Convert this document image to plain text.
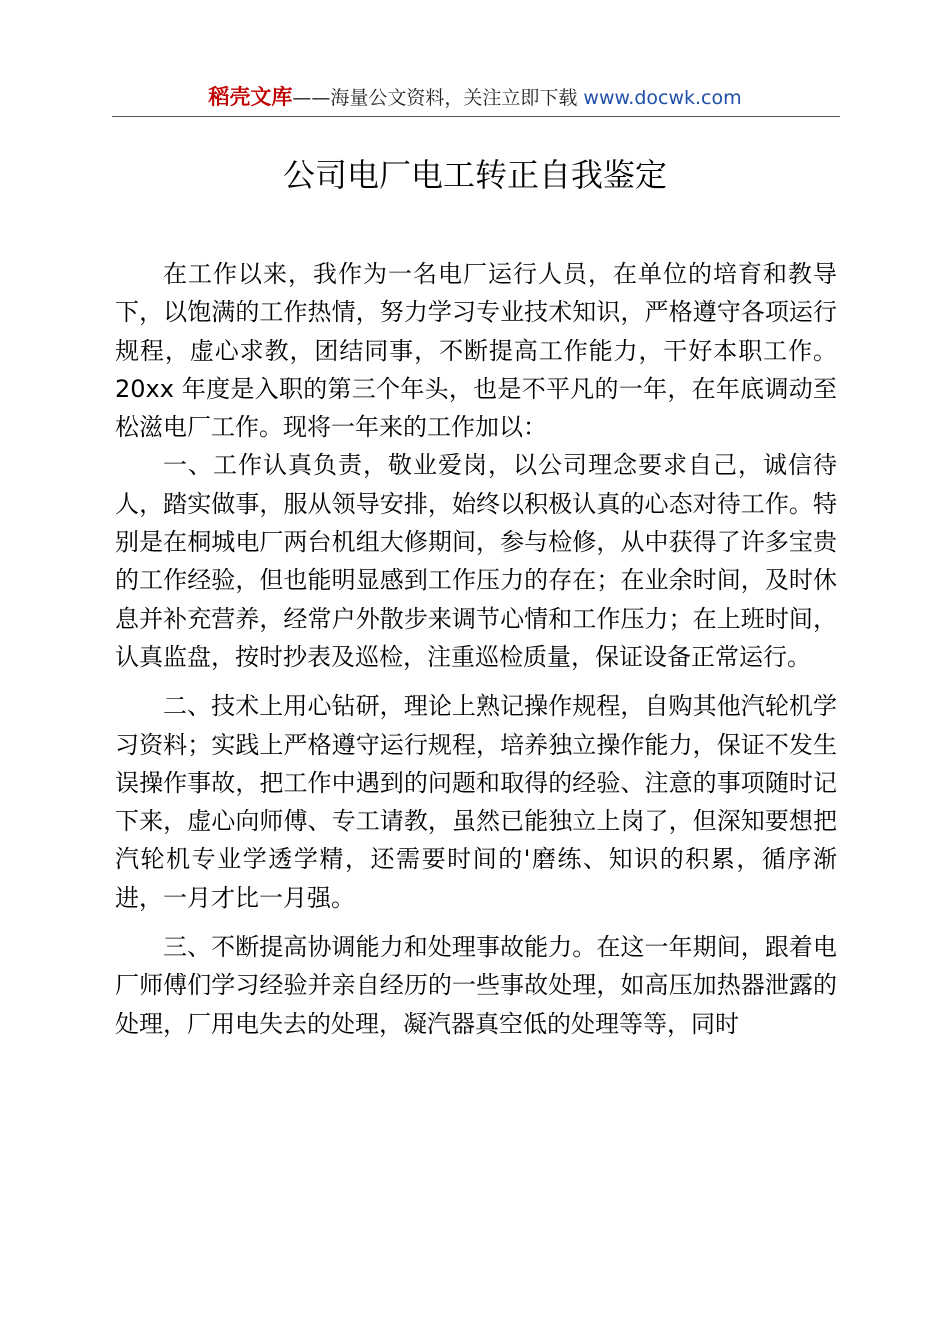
稻壳文库——海量公文资料，关注立即下载 www.docwk.com
公司电厂电工转正自我鉴定

在工作以来，我作为一名电厂运行人员，在单位的培育和教导下，以饱满的工作热情，努力学习专业技术知识，严格遵守各项运行规程，虚心求教，团结同事，不断提高工作能力，干好本职工作。20xx 年度是入职的第三个年头，也是不平凡的一年，在年底调动至松滋电厂工作。现将一年来的工作加以：

一、工作认真负责，敬业爱岗，以公司理念要求自己，诚信待人，踏实做事，服从领导安排，始终以积极认真的心态对待工作。特别是在桐城电厂两台机组大修期间，参与检修，从中获得了许多宝贵的工作经验，但也能明显感到工作压力的存在；在业余时间，及时休息并补充营养，经常户外散步来调节心情和工作压力；在上班时间，认真监盘，按时抄表及巡检，注重巡检质量，保证设备正常运行。

二、技术上用心钻研，理论上熟记操作规程，自购其他汽轮机学习资料；实践上严格遵守运行规程，培养独立操作能力，保证不发生误操作事故，把工作中遇到的问题和取得的经验、注意的事项随时记下来，虚心向师傅、专工请教，虽然已能独立上岗了，但深知要想把汽轮机专业学透学精，还需要时间的'磨练、知识的积累，循序渐进，一月才比一月强。

三、不断提高协调能力和处理事故能力。在这一年期间，跟着电厂师傅们学习经验并亲自经历的一些事故处理，如高压加热器泄露的处理，厂用电失去的处理，凝汽器真空低的处理等等，同时
